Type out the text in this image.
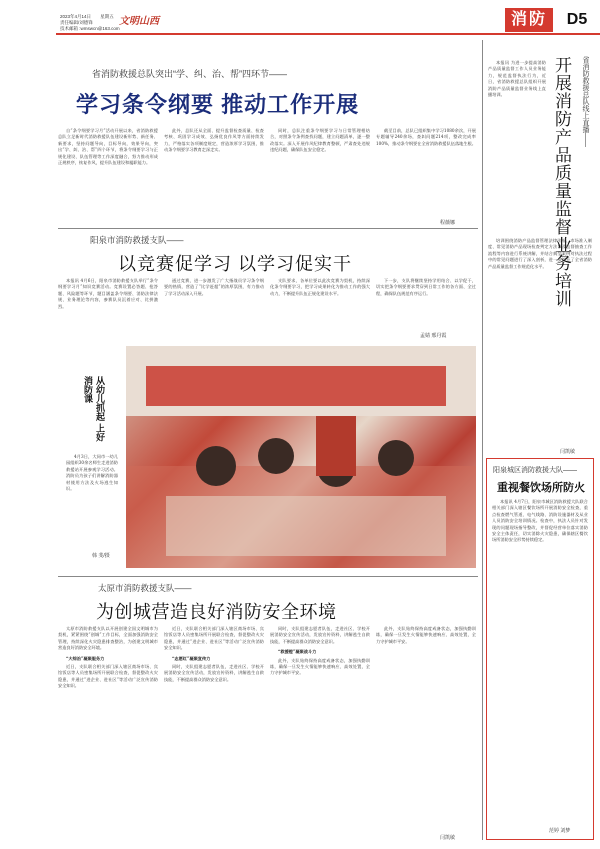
2023年4月14日 星期五
责任编辑/刘德锋
技术邮箱 :wmswcn@163.com
文明山西	消防	D5
省消防救援总队突出“学、纠、治、帮”四环节——
学习条令纲要 推动工作开展

自“条令纲要学习月”活动开展以来，省消防救援总队立足新时代消防救援队伍建设新形势、新任务、新要求，坚持问题导向，目标导向，效果导向，突出“学、纠、治、帮”四个环节，将条令纲要学习与正规化建设、队伍管理等工作深度融合，努力推动形成正规秩序，恢复作风，提升队伍建设和履职能力。

此外，总队还从全面、提升监督检查质量、检查考核、巩固学习成效、弘扬优良作风等方面持续发力，严格落实各项制度规定，营造浓厚学习氛围，推动条令纲要学习教育走深走实。

同时，总队注重条令纲要学习与日常管理相结合，对照条令条例查找问题，建立问题清单，逐一整改落实。深入开展作风纪律教育整顿，严肃查处违规违纪问题，确保队伍安全稳定。

截至目前，总队已组织集中学习1080余次，开展专题辅导240余场，查纠问题214项，整改完成率100%，推动条令纲要在全省消防救援队伍落地生根。

程薇娜
阳泉市消防救援支队——
以竞赛促学习 以学习促实干

本报讯 4月6日，阳泉市消防救援支队举行“条令纲要学习月”知识竞赛活动。竞赛设置必答题、抢答题、风险题等环节，题目涵盖条令纲要、消防法律法规、业务理论等内容，参赛队员沉着应对、比拼激烈。

通过竞赛，进一步激发了广大指战员学习条令纲要的热情，营造了“比学赶超”的浓厚氛围，有力推动了学习活动深入开展。

支队要求，各单位要以此次竞赛为契机，持续深化条令纲要学习，把学习成果转化为推动工作的强大动力，不断提升队伍正规化建设水平。

下一步，支队将继续坚持学用结合、以学促干，切实把条令纲要要求贯穿到日常工作的各方面、全过程，确保队伍规范有序运行。

孟婧 邢丹霞
从幼儿抓起 上好消防课

4月3日，大同市一幼儿园组织30余名师生走进消防救援站开展参观学习活动。消防员为孩子们讲解消防器材使用方法及火场逃生知识。

韩 斐/摄
太原市消防救援支队——
为创城营造良好消防安全环境

太原市消防救援支队以开展创建全国文明城市为契机，紧紧围绕“创城”工作目标，全面加强消防安全管理，持续深化火灾隐患排查整治，为创建文明城市营造良好消防安全环境。

“大综治”凝聚服务力

近日，支队联合相关部门深入辖区商场市场、宾馆饭店等人员密集场所开展联合检查，督促整改火灾隐患，并通过“进企业、进社区”等活动广泛宣传消防安全知识。

近日，支队联合相关部门深入辖区商场市场、宾馆饭店等人员密集场所开展联合检查，督促整改火灾隐患，并通过“进企业、进社区”等活动广泛宣传消防安全知识。

“志愿红”凝聚宣传力

同时，支队组建志愿者队伍，走进社区、学校开展消防安全宣传活动，发放宣传资料，讲解逃生自救技能，不断提高群众消防安全意识。

同时，支队组建志愿者队伍，走进社区、学校开展消防安全宣传活动，发放宣传资料，讲解逃生自救技能，不断提高群众消防安全意识。

“救援橙”凝聚战斗力

此外，支队始终保持高度戒备状态，加强执勤训练，确保一旦发生火情能够快速响应、高效处置，全力守护城市平安。

此外，支队始终保持高度戒备状态，加强执勤训练，确保一旦发生火情能够快速响应、高效处置，全力守护城市平安。

闫凯敏
省消防救援总队线上直播——
开展消防产品质量监督业务培训

本报讯 为进一步提高消防产品质量监督工作人员业务能力，规范监督执法行为，近日，省消防救援总队组织开展消防产品质量监督业务线上直播培训。

培训围绕消防产品监督管理法律法规、市场准入制度、常见消防产品现场检查判定方法以及监督抽查工作流程等内容进行系统讲解，并结合典型案例对执法过程中的常见问题进行了深入剖析，进一步提升了全省消防产品质量监督工作规范化水平。

闫凯敏
阳泉城区消防救援大队——
重视餐饮场所防火

本报讯 4月7日，阳泉市城区消防救援大队联合相关部门深入辖区餐饮场所开展消防安全检查，重点检查燃气管道、电气线路、消防设施器材及从业人员消防安全培训情况。检查中，执法人员针对发现的问题现场指导整改，并督促经营单位落实消防安全主体责任，切实消除火灾隐患，确保辖区餐饮场所消防安全形势持续稳定。

范婷 刘梦
